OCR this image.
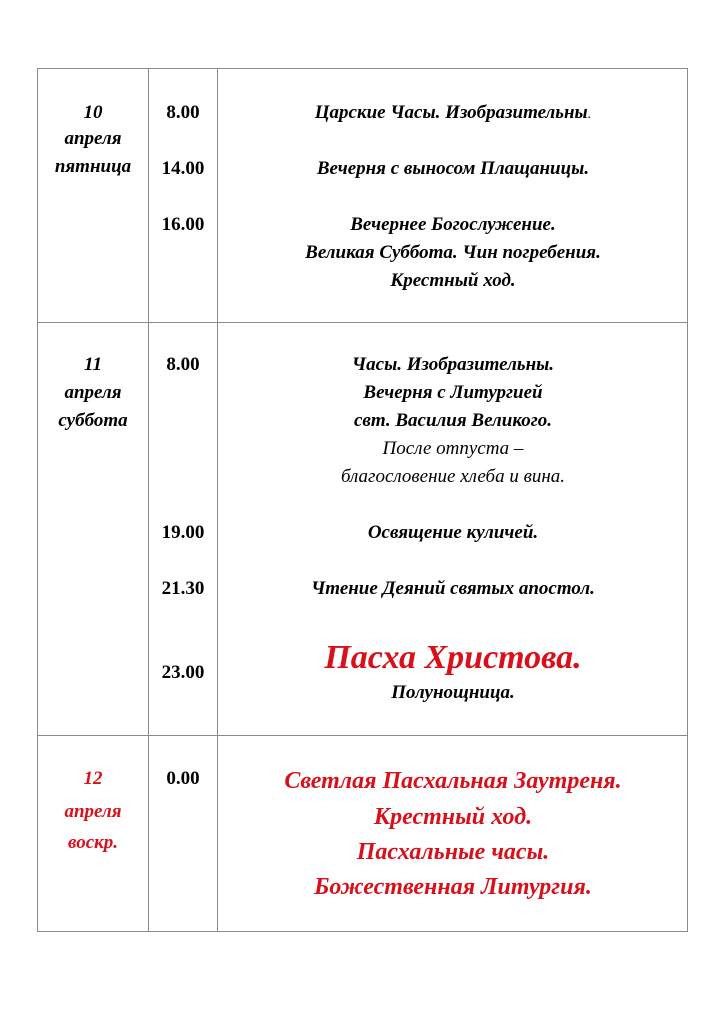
10
апреля
пятница
8.00
14.00
16.00
Царские Часы. Изобразительны.
Вечерня с выносом Плащаницы.
Вечернее Богослужение.
Великая Суббота. Чин погребения.
Крестный ход.
11
апреля
суббота
8.00
19.00
21.30
23.00
Часы. Изобразительны.
Вечерня с Литургией
свт. Василия Великого.
После отпуста –
благословение хлеба и вина.
Освящение куличей.
Чтение Деяний святых апостол.
Пасха Христова.
Полунощница.
12
апреля
воскр.
0.00	Светлая Пасхальная Заутреня.
Крестный ход.
Пасхальные часы.
Божественная Литургия.
